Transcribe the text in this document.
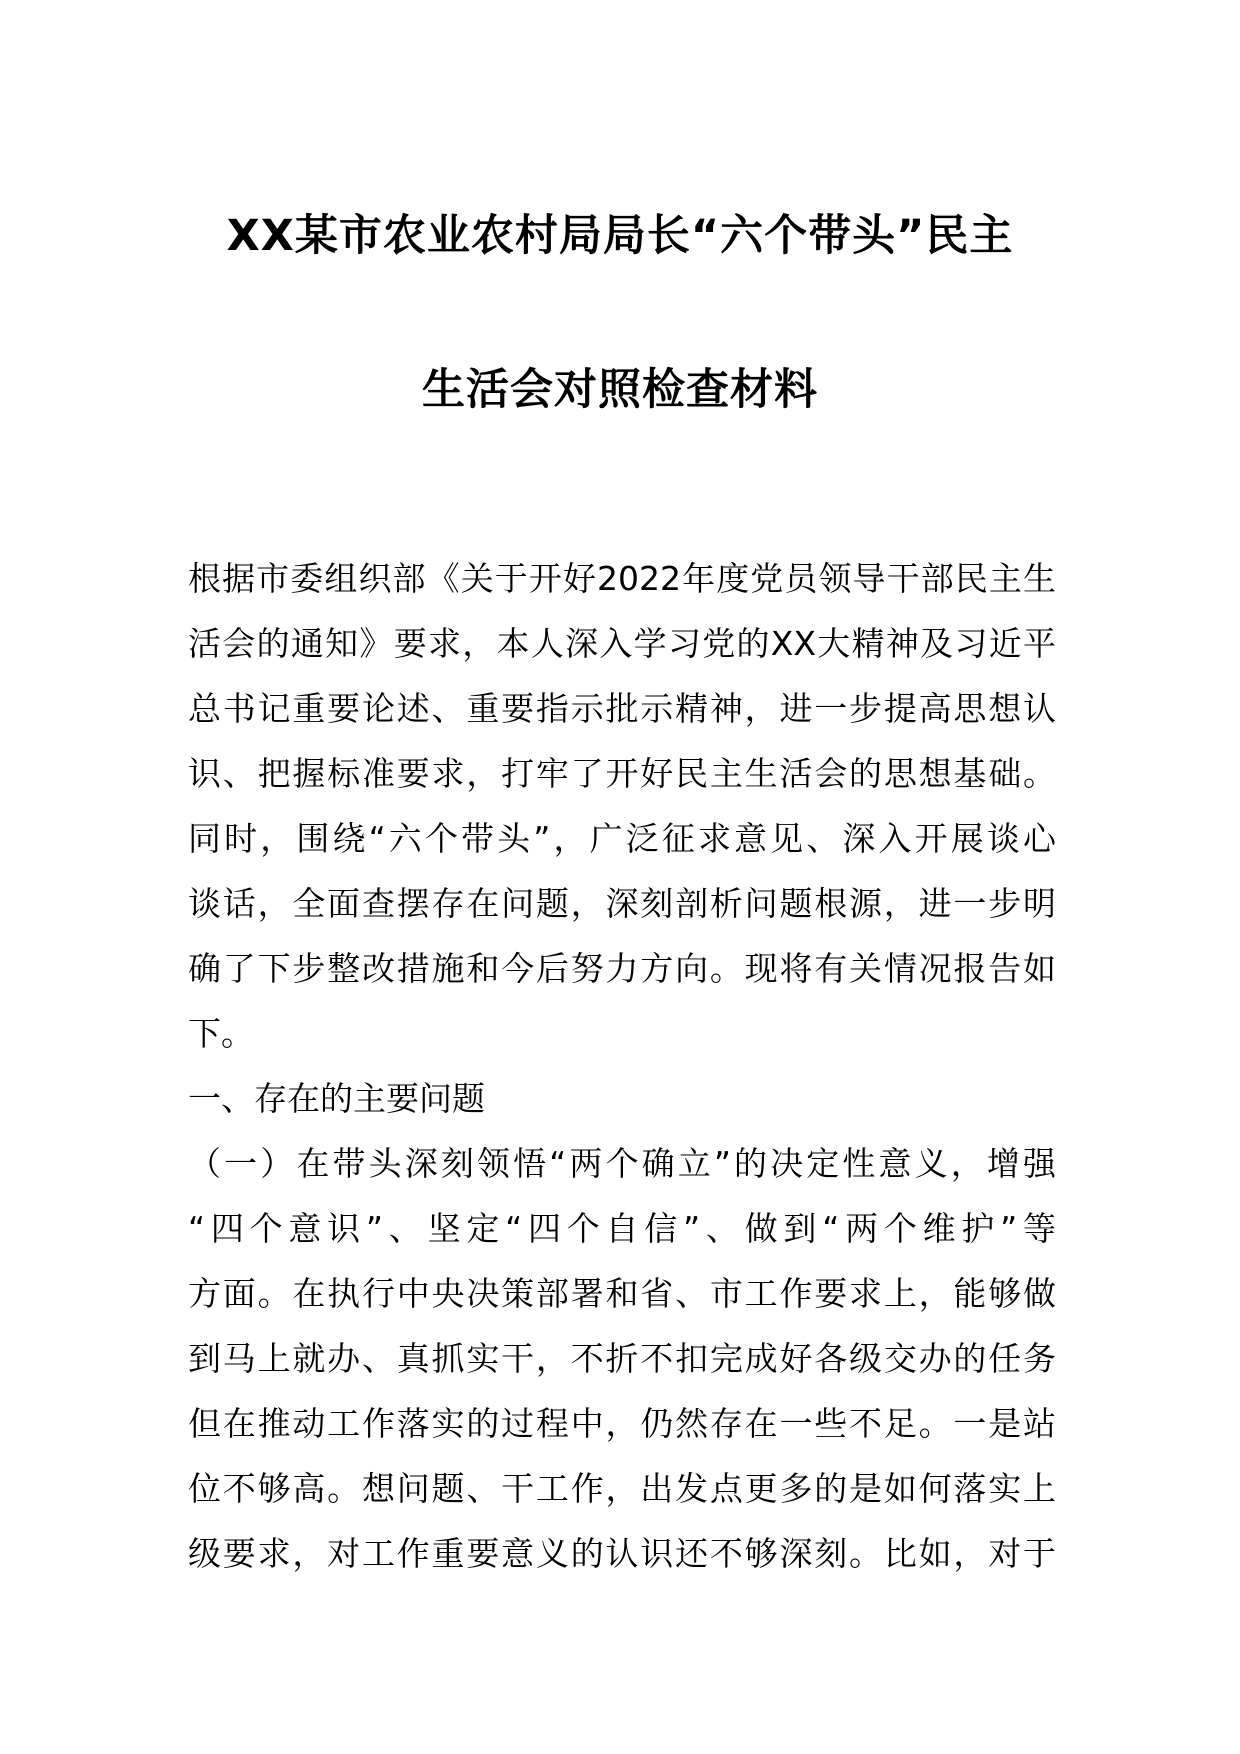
XX某市农业农村局局长“六个带头”民主
生活会对照检查材料
根据市委组织部《关于开好2022年度党员领导干部民主生
活会的通知》要求，本人深入学习党的XX大精神及习近平
总书记重要论述、重要指示批示精神，进一步提高思想认
识、把握标准要求，打牢了开好民主生活会的思想基础。
同时，围绕“六个带头”，广泛征求意见、深入开展谈心
谈话，全面查摆存在问题，深刻剖析问题根源，进一步明
确了下步整改措施和今后努力方向。现将有关情况报告如
下。
一、存在的主要问题
（一）在带头深刻领悟“两个确立”的决定性意义，增强
“四个意识”、坚定“四个自信”、做到“两个维护”等
方面。在执行中央决策部署和省、市工作要求上，能够做
到马上就办、真抓实干，不折不扣完成好各级交办的任务
但在推动工作落实的过程中，仍然存在一些不足。一是站
位不够高。想问题、干工作，出发点更多的是如何落实上
级要求，对工作重要意义的认识还不够深刻。比如，对于
